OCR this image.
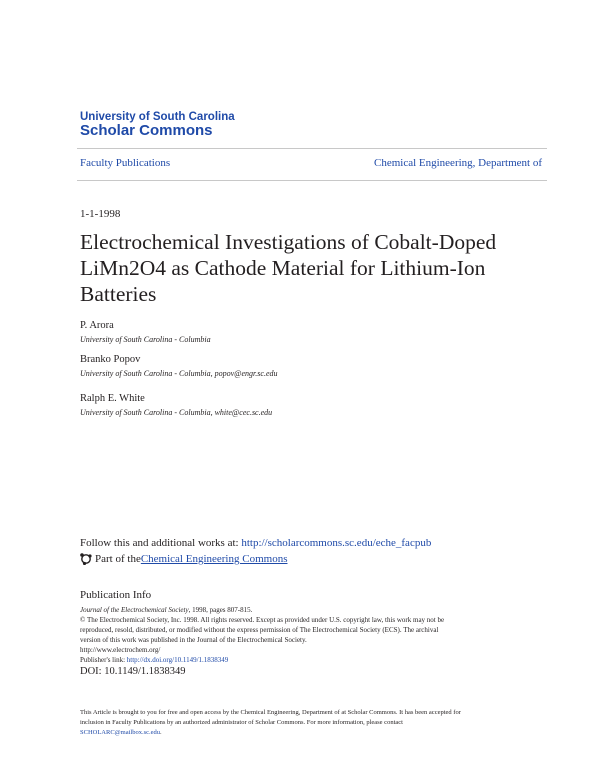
University of South Carolina
Scholar Commons
Faculty Publications	Chemical Engineering, Department of
1-1-1998
Electrochemical Investigations of Cobalt-Doped
LiMn2O4 as Cathode Material for Lithium-Ion
Batteries
P. Arora
University of South Carolina - Columbia
Branko Popov
University of South Carolina - Columbia, popov@engr.sc.edu
Ralph E. White
University of South Carolina - Columbia, white@cec.sc.edu
Follow this and additional works at: http://scholarcommons.sc.edu/eche_facpub
Part of the Chemical Engineering Commons
Publication Info
Journal of the Electrochemical Society, 1998, pages 807-815.
© The Electrochemical Society, Inc. 1998. All rights reserved. Except as provided under U.S. copyright law, this work may not be
reproduced, resold, distributed, or modified without the express permission of The Electrochemical Society (ECS). The archival
version of this work was published in the Journal of the Electrochemical Society.
http://www.electrochem.org/
Publisher's link: http://dx.doi.org/10.1149/1.1838349
DOI: 10.1149/1.1838349
This Article is brought to you for free and open access by the Chemical Engineering, Department of at Scholar Commons. It has been accepted for
inclusion in Faculty Publications by an authorized administrator of Scholar Commons. For more information, please contact
SCHOLARC@mailbox.sc.edu.
